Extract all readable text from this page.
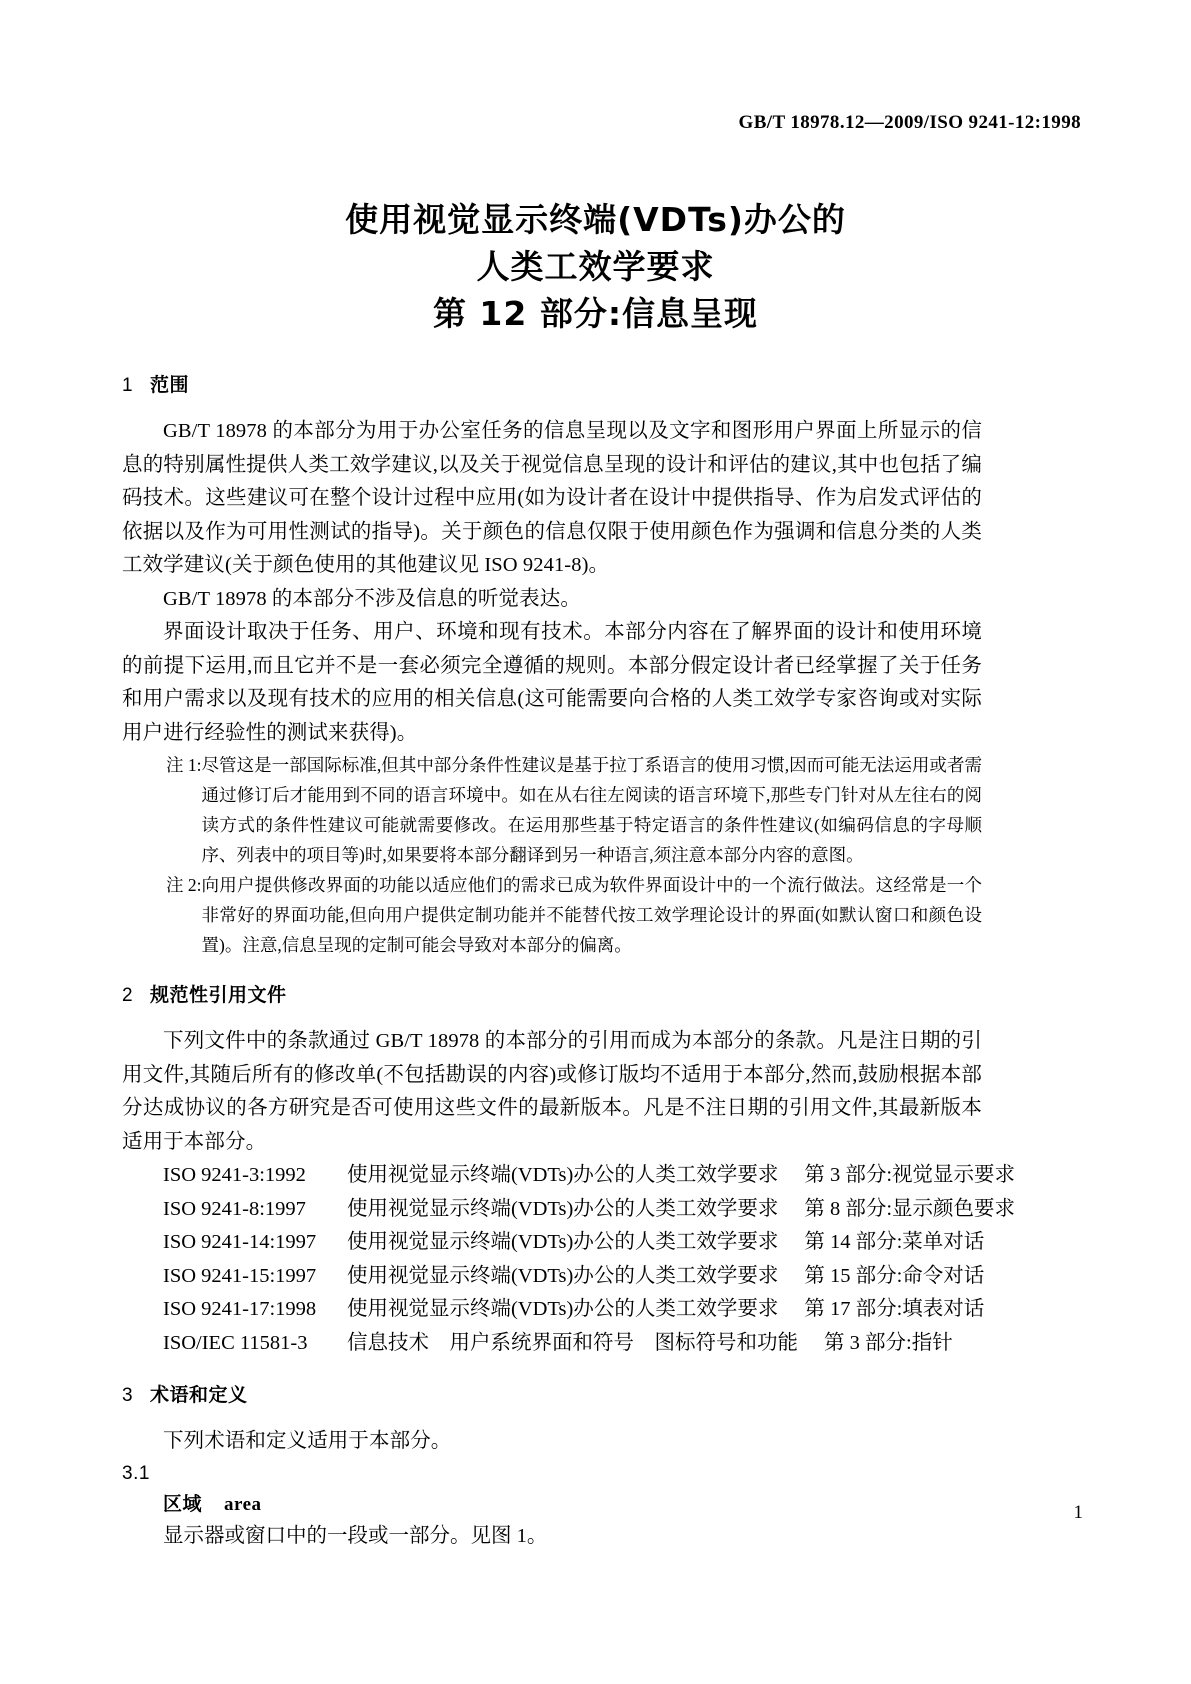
GB/T 18978.12—2009/ISO 9241-12:1998
使用视觉显示终端(VDTs)办公的
人类工效学要求
第 12 部分:信息呈现
1 范围

GB/T 18978 的本部分为用于办公室任务的信息呈现以及文字和图形用户界面上所显示的信息的特别属性提供人类工效学建议,以及关于视觉信息呈现的设计和评估的建议,其中也包括了编码技术。这些建议可在整个设计过程中应用(如为设计者在设计中提供指导、作为启发式评估的依据以及作为可用性测试的指导)。关于颜色的信息仅限于使用颜色作为强调和信息分类的人类工效学建议(关于颜色使用的其他建议见 ISO 9241-8)。

GB/T 18978 的本部分不涉及信息的听觉表达。

界面设计取决于任务、用户、环境和现有技术。本部分内容在了解界面的设计和使用环境的前提下运用,而且它并不是一套必须完全遵循的规则。本部分假定设计者已经掌握了关于任务和用户需求以及现有技术的应用的相关信息(这可能需要向合格的人类工效学专家咨询或对实际用户进行经验性的测试来获得)。

注 1: 尽管这是一部国际标准,但其中部分条件性建议是基于拉丁系语言的使用习惯,因而可能无法运用或者需通过修订后才能用到不同的语言环境中。如在从右往左阅读的语言环境下,那些专门针对从左往右的阅读方式的条件性建议可能就需要修改。在运用那些基于特定语言的条件性建议(如编码信息的字母顺序、列表中的项目等)时,如果要将本部分翻译到另一种语言,须注意本部分内容的意图。
注 2: 向用户提供修改界面的功能以适应他们的需求已成为软件界面设计中的一个流行做法。这经常是一个非常好的界面功能,但向用户提供定制功能并不能替代按工效学理论设计的界面(如默认窗口和颜色设置)。注意,信息呈现的定制可能会导致对本部分的偏离。
2 规范性引用文件

下列文件中的条款通过 GB/T 18978 的本部分的引用而成为本部分的条款。凡是注日期的引用文件,其随后所有的修改单(不包括勘误的内容)或修订版均不适用于本部分,然而,鼓励根据本部分达成协议的各方研究是否可使用这些文件的最新版本。凡是不注日期的引用文件,其最新版本适用于本部分。

ISO 9241-3:1992	使用视觉显示终端(VDTs)办公的人类工效学要求	第 3 部分:视觉显示要求
ISO 9241-8:1997	使用视觉显示终端(VDTs)办公的人类工效学要求	第 8 部分:显示颜色要求
ISO 9241-14:1997	使用视觉显示终端(VDTs)办公的人类工效学要求	第 14 部分:菜单对话
ISO 9241-15:1997	使用视觉显示终端(VDTs)办公的人类工效学要求	第 15 部分:命令对话
ISO 9241-17:1998	使用视觉显示终端(VDTs)办公的人类工效学要求	第 17 部分:填表对话
ISO/IEC 11581-3	信息技术　用户系统界面和符号　图标符号和功能	第 3 部分:指针
3 术语和定义

下列术语和定义适用于本部分。

3.1
区域 area
显示器或窗口中的一段或一部分。见图 1。
1
